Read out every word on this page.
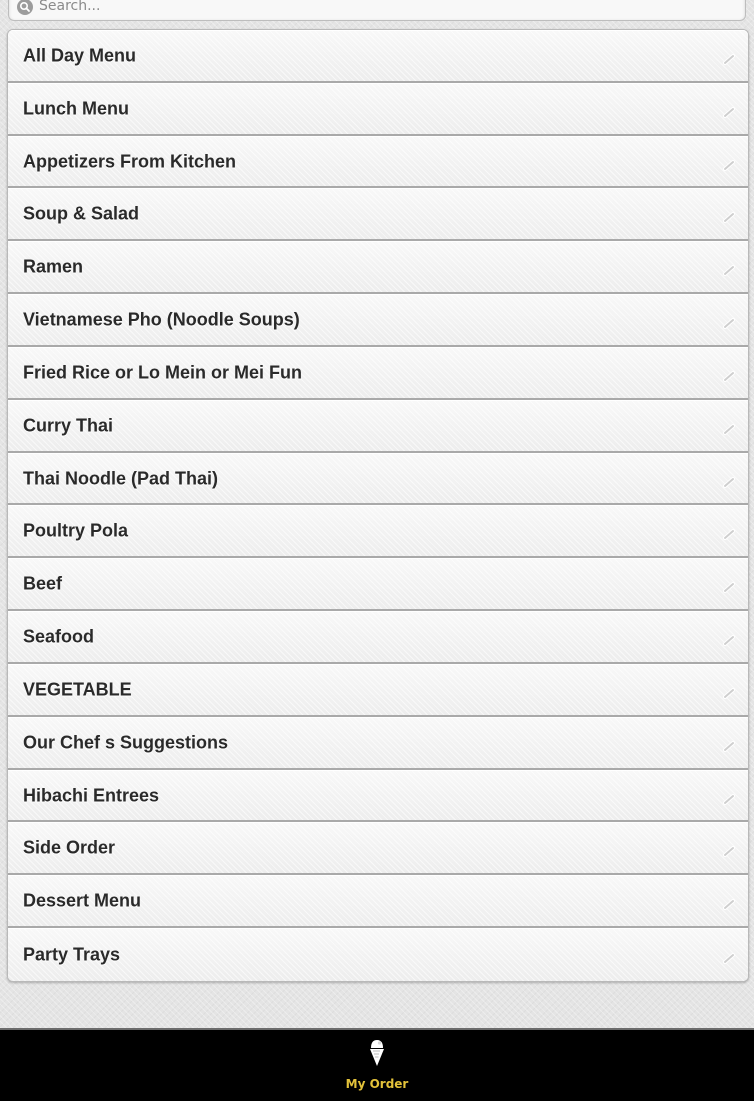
Search...
All Day Menu
Lunch Menu
Appetizers From Kitchen
Soup & Salad
Ramen
Vietnamese Pho (Noodle Soups)
Fried Rice or Lo Mein or Mei Fun
Curry Thai
Thai Noodle (Pad Thai)
Poultry Pola
Beef
Seafood
VEGETABLE
Our Chef s Suggestions
Hibachi Entrees
Side Order
Dessert Menu
Party Trays
My Order
